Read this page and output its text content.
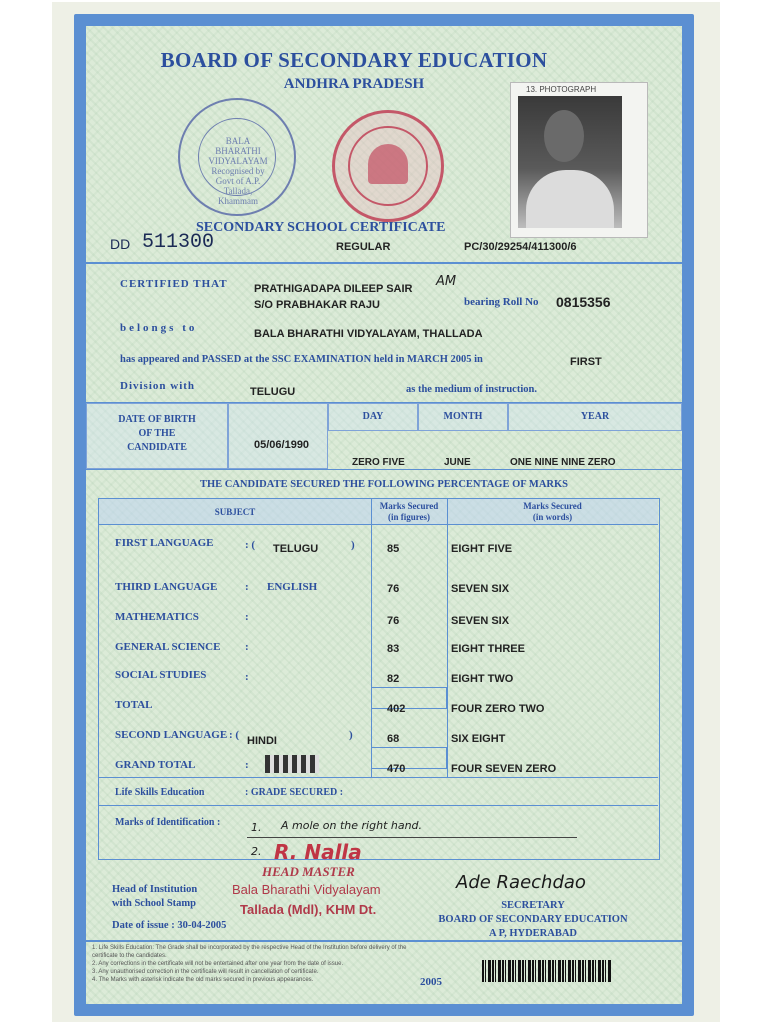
BOARD OF SECONDARY EDUCATION
ANDHRA PRADESH	13. PHOTOGRAPH
BALA BHARATHI VIDYALAYAM Recognised by Govt of A.P. Tallada, Khammam
SECONDARY SCHOOL CERTIFICATE
DD 511300	REGULAR	PC/30/29254/411300/6
CERTIFIED THAT PRATHIGADAPA DILEEP SAIR AM
S/O PRABHAKAR RAJU	bearing Roll No 0815356
belongs to	BALA BHARATHI VIDYALAYAM, THALLADA
has appeared and PASSED at the SSC EXAMINATION held in MARCH 2005 in	FIRST
Division with	TELUGU	as the medium of instruction.
DATE OF BIRTH
OF THE
CANDIDATE	05/06/1990
DAY	MONTH	YEAR
ZERO FIVE	JUNE	ONE NINE NINE ZERO
THE CANDIDATE SECURED THE FOLLOWING PERCENTAGE OF MARKS
SUBJECT
Marks Secured
(in figures)
Marks Secured
(in words)
FIRST LANGUAGE	: ( TELUGU	)	85	EIGHT FIVE
THIRD LANGUAGE	: ENGLISH	76	SEVEN SIX
MATHEMATICS	:	76	SEVEN SIX
GENERAL SCIENCE :	83	EIGHT THREE
SOCIAL STUDIES	:	82	EIGHT TWO
TOTAL	402	FOUR ZERO TWO
SECOND LANGUAGE : ( HINDI	)	68	SIX EIGHT
GRAND TOTAL	:	470	FOUR SEVEN ZERO
Life Skills Education	: GRADE SECURED :
Marks of Identification :	1. A mole on the right hand.
2. R. Nalla
HEAD MASTER
Bala Bharathi Vidyalayam
Tallada (Mdl), KHM Dt.
Head of Institution
with School Stamp
Date of issue : 30-04-2005
Ade Raechdao
SECRETARY
BOARD OF SECONDARY EDUCATION
A P, HYDERABAD
1. Life Skills Education: The Grade shall be incorporated by the respective Head of the Institution before delivery of the certificate to the candidates.
2. Any corrections in the certificate will not be entertained after one year from the date of issue.
3. Any unauthorised correction in the certificate will result in cancellation of certificate.
4. The Marks with asterisk indicate the old marks secured in previous appearances.	2005
